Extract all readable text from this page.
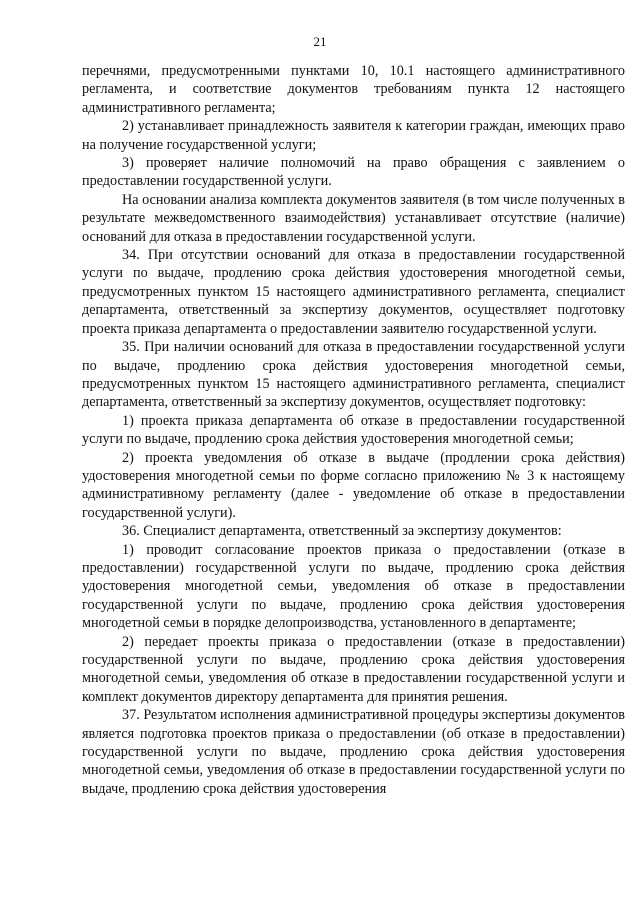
21

перечнями, предусмотренными пунктами 10, 10.1 настоящего административного регламента, и соответствие документов требованиям пункта 12 настоящего административного регламента;

2) устанавливает принадлежность заявителя к категории граждан, имеющих право на получение государственной услуги;

3) проверяет наличие полномочий на право обращения с заявлением о предоставлении государственной услуги.

На основании анализа комплекта документов заявителя (в том числе полученных в результате межведомственного взаимодействия) устанавливает отсутствие (наличие) оснований для отказа в предоставлении государственной услуги.

34. При отсутствии оснований для отказа в предоставлении государственной услуги по выдаче, продлению срока действия удостоверения многодетной семьи, предусмотренных пунктом 15 настоящего административного регламента, специалист департамента, ответственный за экспертизу документов, осуществляет подготовку проекта приказа департамента о предоставлении заявителю государственной услуги.

35. При наличии оснований для отказа в предоставлении государственной услуги по выдаче, продлению срока действия удостоверения многодетной семьи, предусмотренных пунктом 15 настоящего административного регламента, специалист департамента, ответственный за экспертизу документов, осуществляет подготовку:

1) проекта приказа департамента об отказе в предоставлении государственной услуги по выдаче, продлению срока действия удостоверения многодетной семьи;

2) проекта уведомления об отказе в выдаче (продлении срока действия) удостоверения многодетной семьи по форме согласно приложению № 3 к настоящему административному регламенту (далее - уведомление об отказе в предоставлении государственной услуги).

36. Специалист департамента, ответственный за экспертизу документов:

1) проводит согласование проектов приказа о предоставлении (отказе в предоставлении) государственной услуги по выдаче, продлению срока действия удостоверения многодетной семьи, уведомления об отказе в предоставлении государственной услуги по выдаче, продлению срока действия удостоверения многодетной семьи в порядке делопроизводства, установленного в департаменте;

2) передает проекты приказа о предоставлении (отказе в предоставлении) государственной услуги по выдаче, продлению срока действия удостоверения многодетной семьи, уведомления об отказе в предоставлении государственной услуги и комплект документов директору департамента для принятия решения.

37. Результатом исполнения административной процедуры экспертизы документов является подготовка проектов приказа о предоставлении (об отказе в предоставлении) государственной услуги по выдаче, продлению срока действия удостоверения многодетной семьи, уведомления об отказе в предоставлении государственной услуги по выдаче, продлению срока действия удостоверения
